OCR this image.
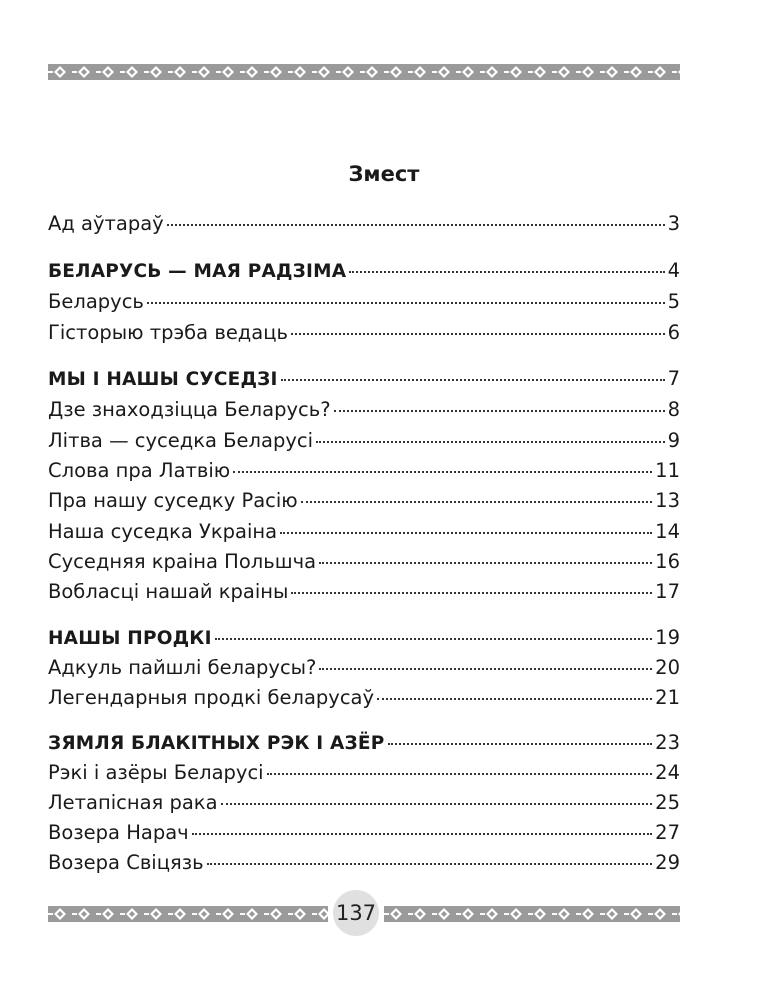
Змест
Ад аўтараў	3
БЕЛАРУСЬ — МАЯ РАДЗІМА	4
Беларусь	5
Гісторыю трэба ведаць	6
МЫ І НАШЫ СУСЕДЗІ	7
Дзе знаходзіцца Беларусь?	8
Літва — суседка Беларусі	9
Слова пра Латвію	11
Пра нашу суседку Расію	13
Наша суседка Украіна	14
Суседняя краіна Польшча	16
Вобласці нашай краіны	17
НАШЫ ПРОДКІ	19
Адкуль пайшлі беларусы?	20
Легендарныя продкі беларусаў	21
ЗЯМЛЯ БЛАКІТНЫХ РЭК І АЗЁР	23
Рэкі і азёры Беларусі	24
Летапісная рака	25
Возера Нарач	27
Возера Свіцязь	29
137
